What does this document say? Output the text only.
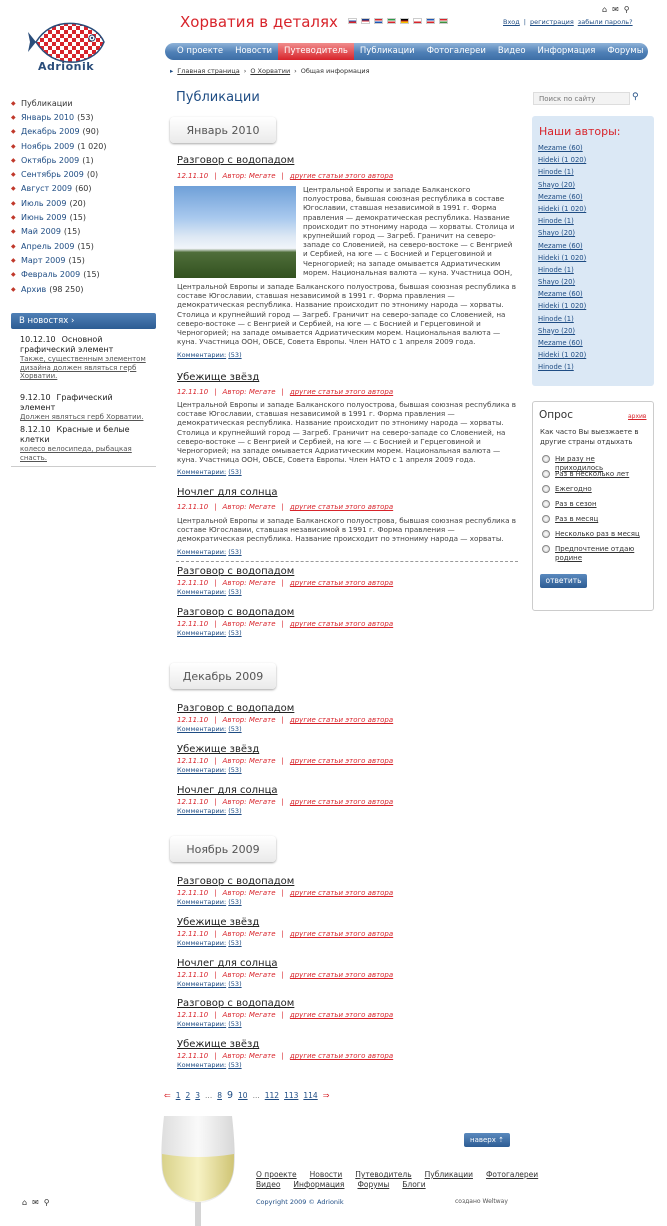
Adrionik
Хорватия в деталях	Вход | регистрация забыли пароль?
⌂ ✉ ⚲
О проекте	Новости	Путеводитель	Публикации	Фотогалереи	Видео	Информация	Форумы
▸ Главная страница › О Хорватии › Общая информация
◆ Публикации
◆ Январь 2010 (53)
◆ Декабрь 2009 (90)
◆ Ноябрь 2009 (1 020)
◆ Октябрь 2009 (1)
◆ Сентябрь 2009 (0)
◆ Август 2009 (60)
◆ Июль 2009 (20)
◆ Июнь 2009 (15)
◆ Май 2009 (15)
◆ Апрель 2009 (15)
◆ Март 2009 (15)
◆ Февраль 2009 (15)
◆ Архив (98 250)
В новостях ›
10.12.10 Основной графический элемент
Также, существенным элементом дизайна должен являться герб Хорватии.
9.12.10 Графический элемент
Должен являться герб Хорватии.
8.12.10 Красные и белые клетки
колесо велосипеда, рыбацкая снасть.
Публикации
Январь 2010
Разговор с водопадом
12.11.10 | Автор: Мегате | другие статьи этого автора
Центральной Европы и западе Балканского полуострова, бывшая союзная республика в составе Югославии, ставшая независимой в 1991 г. Форма правления — демократическая республика. Название происходит по этнониму народа — хорваты. Столица и крупнейший город — Загреб. Граничит на северо-западе со Словенией, на северо-востоке — с Венгрией и Сербией, на юге — с Боснией и Герцеговиной и Черногорией; на западе омывается Адриатическим морем. Национальная валюта — куна. Участница ООН,
Центральной Европы и западе Балканского полуострова, бывшая союзная республика в составе Югославии, ставшая независимой в 1991 г. Форма правления — демократическая республика. Название происходит по этнониму народа — хорваты. Столица и крупнейший город — Загреб. Граничит на северо-западе со Словенией, на северо-востоке — с Венгрией и Сербией, на юге — с Боснией и Герцеговиной и Черногорией; на западе омывается Адриатическим морем. Национальная валюта — куна. Участница ООН, ОБСЕ, Совета Европы. Член НАТО с 1 апреля 2009 года.
Комментарии: (53)
Убежище звёзд
12.11.10 | Автор: Мегате | другие статьи этого автора
Центральной Европы и западе Балканского полуострова, бывшая союзная республика в составе Югославии, ставшая независимой в 1991 г. Форма правления — демократическая республика. Название происходит по этнониму народа — хорваты. Столица и крупнейший город — Загреб. Граничит на северо-западе со Словенией, на северо-востоке — с Венгрией и Сербией, на юге — с Боснией и Герцеговиной и Черногорией; на западе омывается Адриатическим морем. Национальная валюта — куна. Участница ООН, ОБСЕ, Совета Европы. Член НАТО с 1 апреля 2009 года.
Комментарии: (53)
Ночлег для солнца
12.11.10 | Автор: Мегате | другие статьи этого автора
Центральной Европы и западе Балканского полуострова, бывшая союзная республика в составе Югославии, ставшая независимой в 1991 г. Форма правления — демократическая республика. Название происходит по этнониму народа — хорваты.
Комментарии: (53)
Разговор с водопадом
12.11.10 | Автор: Мегате | другие статьи этого автора
Комментарии: (53)
Разговор с водопадом
12.11.10 | Автор: Мегате | другие статьи этого автора
Комментарии: (53)
Декабрь 2009
Разговор с водопадом
12.11.10 | Автор: Мегате | другие статьи этого автора
Комментарии: (53)
Убежище звёзд
12.11.10 | Автор: Мегате | другие статьи этого автора
Комментарии: (53)
Ночлег для солнца
12.11.10 | Автор: Мегате | другие статьи этого автора
Комментарии: (53)
Ноябрь 2009
Разговор с водопадом
12.11.10 | Автор: Мегате | другие статьи этого автора
Комментарии: (53)
Убежище звёзд
12.11.10 | Автор: Мегате | другие статьи этого автора
Комментарии: (53)
Ночлег для солнца
12.11.10 | Автор: Мегате | другие статьи этого автора
Комментарии: (53)
Разговор с водопадом
12.11.10 | Автор: Мегате | другие статьи этого автора
Комментарии: (53)
Убежище звёзд
12.11.10 | Автор: Мегате | другие статьи этого автора
Комментарии: (53)
⇐ 1 2 3 ... 8 9 10 ... 112 113 114 ⇒
Поиск по сайту
⚲
Наши авторы:
Mezame (60)
Hideki (1 020)
Hinode (1)
Shayo (20)
Mezame (60)
Hideki (1 020)
Hinode (1)
Shayo (20)
Mezame (60)
Hideki (1 020)
Hinode (1)
Shayo (20)
Mezame (60)
Hideki (1 020)
Hinode (1)
Shayo (20)
Mezame (60)
Hideki (1 020)
Hinode (1)
Опрос	архив
Как часто Вы выезжаете в другие страны отдыхать
Ни разу не приходилось
Раз в несколько лет
Ежегодно
Раз в сезон
Раз в месяц
Несколько раз в месяц
Предпочтение отдаю родине
ответить
наверх ⇡
О проекте Новости Путеводитель Публикации Фотогалереи
Видео Информация Форумы Блоги
Copyright 2009 © Adrionik	создано Weltway
⌂ ✉ ⚲
